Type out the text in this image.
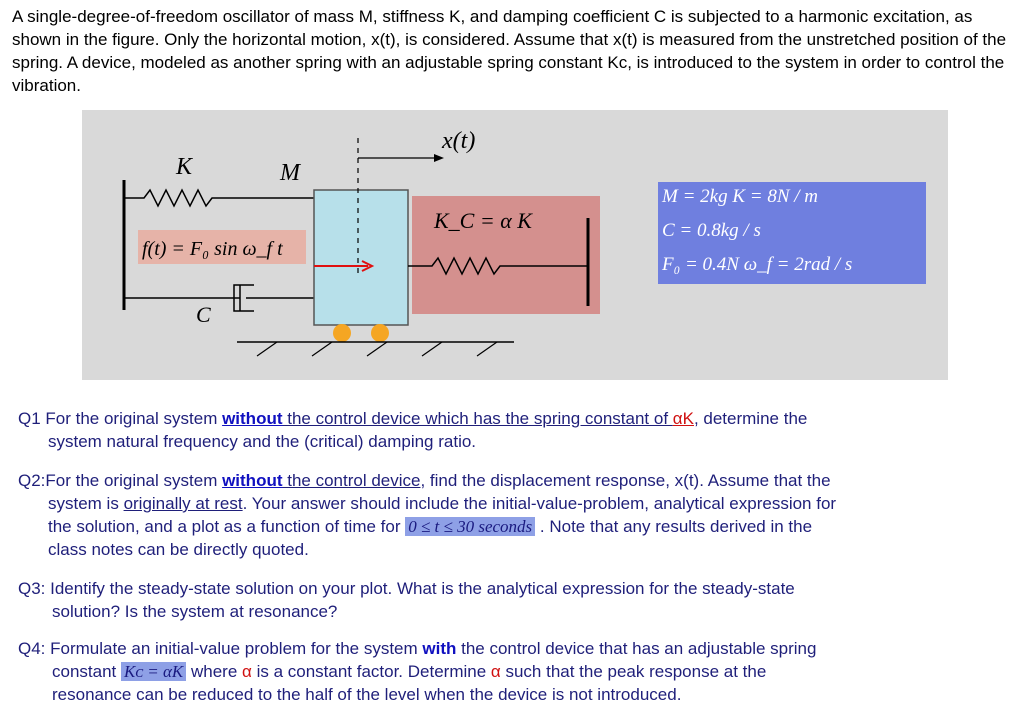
A single-degree-of-freedom oscillator of mass M, stiffness K, and damping coefficient C is subjected to a harmonic excitation, as shown in the figure. Only the horizontal motion, x(t), is considered. Assume that x(t) is measured from the unstretched position of the spring. A device, modeled as another spring with an adjustable spring constant Kc, is introduced to the system in order to control the vibration.
x(t)
K	M
C
f(t) = F₀ sin ω_f t
K_C = α K
M = 2kg K = 8N / m
C = 0.8kg / s
F₀ = 0.4N ω_f = 2rad / s
Q1 For the original system without the control device which has the spring constant of αK, determine the
system natural frequency and the (critical) damping ratio.
Q2:For the original system without the control device, find the displacement response, x(t). Assume that the
system is originally at rest. Your answer should include the initial-value-problem, analytical expression for
the solution, and a plot as a function of time for 0 ≤ t ≤ 30 seconds . Note that any results derived in the
class notes can be directly quoted.
Q3: Identify the steady-state solution on your plot. What is the analytical expression for the steady-state
solution? Is the system at resonance?
Q4: Formulate an initial-value problem for the system with the control device that has an adjustable spring
constant Kᴄ = αK where α is a constant factor. Determine α such that the peak response at the
resonance can be reduced to the half of the level when the device is not introduced.
